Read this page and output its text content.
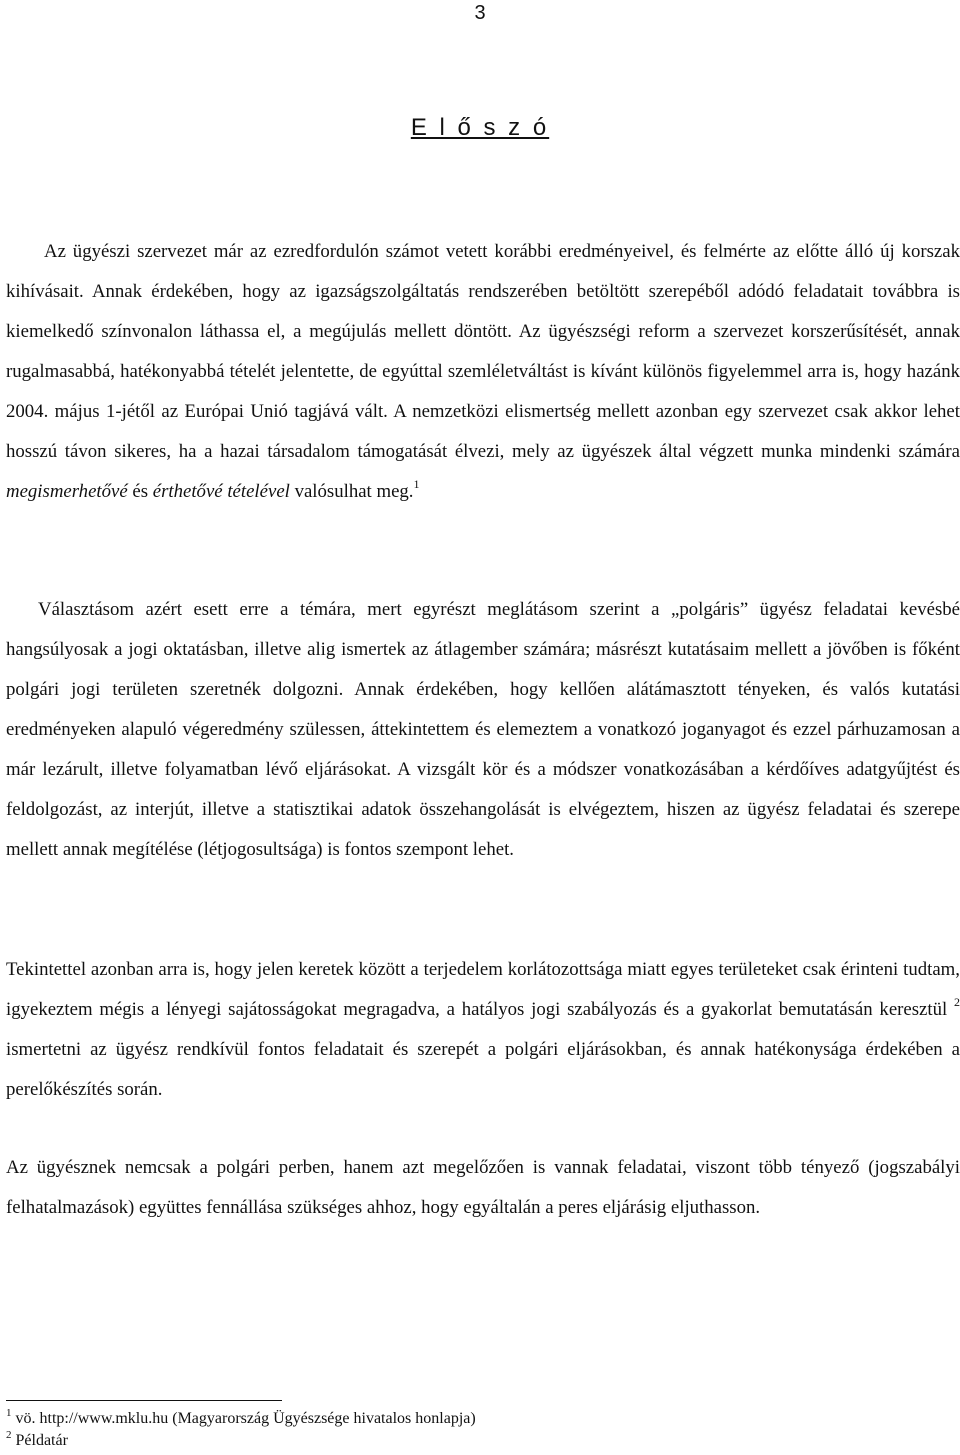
3
E l ő s z ó

Az ügyészi szervezet már az ezredfordulón számot vetett korábbi eredményeivel, és felmérte az előtte álló új korszak kihívásait. Annak érdekében, hogy az igazságszolgáltatás rendszerében betöltött szerepéből adódó feladatait továbbra is kiemelkedő színvonalon láthassa el, a megújulás mellett döntött. Az ügyészségi reform a szervezet korszerűsítését, annak rugalmasabbá, hatékonyabbá tételét jelentette, de egyúttal szemléletváltást is kívánt különös figyelemmel arra is, hogy hazánk 2004. május 1-jétől az Európai Unió tagjává vált. A nemzetközi elismertség mellett azonban egy szervezet csak akkor lehet hosszú távon sikeres, ha a hazai társadalom támogatását élvezi, mely az ügyészek által végzett munka mindenki számára megismerhetővé és érthetővé tételével valósulhat meg.$^1$

Választásom azért esett erre a témára, mert egyrészt meglátásom szerint a „polgáris” ügyész feladatai kevésbé hangsúlyosak a jogi oktatásban, illetve alig ismertek az átlagember számára; másrészt kutatásaim mellett a jövőben is főként polgári jogi területen szeretnék dolgozni. Annak érdekében, hogy kellően alátámasztott tényeken, és valós kutatási eredményeken alapuló végeredmény szülessen, áttekintettem és elemeztem a vonatkozó joganyagot és ezzel párhuzamosan a már lezárult, illetve folyamatban lévő eljárásokat. A vizsgált kör és a módszer vonatkozásában a kérdőíves adatgyűjtést és feldolgozást, az interjút, illetve a statisztikai adatok összehangolását is elvégeztem, hiszen az ügyész feladatai és szerepe mellett annak megítélése (létjogosultsága) is fontos szempont lehet.

Tekintettel azonban arra is, hogy jelen keretek között a terjedelem korlátozottsága miatt egyes területeket csak érinteni tudtam, igyekeztem mégis a lényegi sajátosságokat megragadva, a hatályos jogi szabályozás és a gyakorlat bemutatásán keresztül $^2$ ismertetni az ügyész rendkívül fontos feladatait és szerepét a polgári eljárásokban, és annak hatékonysága érdekében a perelőkészítés során.

Az ügyésznek nemcsak a polgári perben, hanem azt megelőzően is vannak feladatai, viszont több tényező (jogszabályi felhatalmazások) együttes fennállása szükséges ahhoz, hogy egyáltalán a peres eljárásig eljuthasson.

$^1$ vö. http://www.mklu.hu (Magyarország Ügyészsége hivatalos honlapja)
$^2$ Példatár
